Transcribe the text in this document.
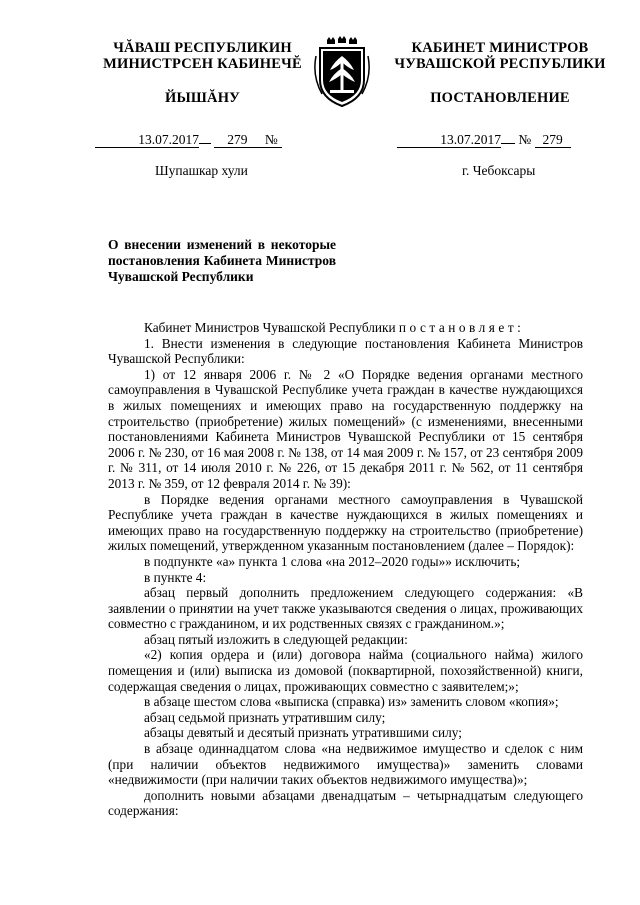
ЧĂВАШ РЕСПУБЛИКИН
МИНИСТРСЕН КАБИНЕЧĔ
ЙЫШĂНУ
КАБИНЕТ МИНИСТРОВ
ЧУВАШСКОЙ РЕСПУБЛИКИ
ПОСТАНОВЛЕНИЕ
13.07.2017 279 №	13.07.2017 № 279
Шупашкар хули	г. Чебоксары
О внесении изменений в некоторые постановления Кабинета Министров Чувашской Республики

Кабинет Министров Чувашской Республики постановляет:

1. Внести изменения в следующие постановления Кабинета Министров Чувашской Республики:

1) от 12 января 2006 г. № 2 «О Порядке ведения органами местного самоуправления в Чувашской Республике учета граждан в качестве нуждающихся в жилых помещениях и имеющих право на государственную поддержку на строительство (приобретение) жилых помещений» (с изменениями, внесенными постановлениями Кабинета Министров Чувашской Республики от 15 сентября 2006 г. № 230, от 16 мая 2008 г. № 138, от 14 мая 2009 г. № 157, от 23 сентября 2009 г. № 311, от 14 июля 2010 г. № 226, от 15 декабря 2011 г. № 562, от 11 сентября 2013 г. № 359, от 12 февраля 2014 г. № 39):

в Порядке ведения органами местного самоуправления в Чувашской Республике учета граждан в качестве нуждающихся в жилых помещениях и имеющих право на государственную поддержку на строительство (приобретение) жилых помещений, утвержденном указанным постановлением (далее – Порядок):

в подпункте «а» пункта 1 слова «на 2012–2020 годы»» исключить;

в пункте 4:

абзац первый дополнить предложением следующего содержания: «В заявлении о принятии на учет также указываются сведения о лицах, проживающих совместно с гражданином, и их родственных связях с гражданином.»;

абзац пятый изложить в следующей редакции:

«2) копия ордера и (или) договора найма (социального найма) жилого помещения и (или) выписка из домовой (поквартирной, похозяйственной) книги, содержащая сведения о лицах, проживающих совместно с заявителем;»;

в абзаце шестом слова «выписка (справка) из» заменить словом «копия»;

абзац седьмой признать утратившим силу;

абзацы девятый и десятый признать утратившими силу;

в абзаце одиннадцатом слова «на недвижимое имущество и сделок с ним (при наличии объектов недвижимого имущества)» заменить словами «недвижимости (при наличии таких объектов недвижимого имущества)»;

дополнить новыми абзацами двенадцатым – четырнадцатым следующего содержания:
